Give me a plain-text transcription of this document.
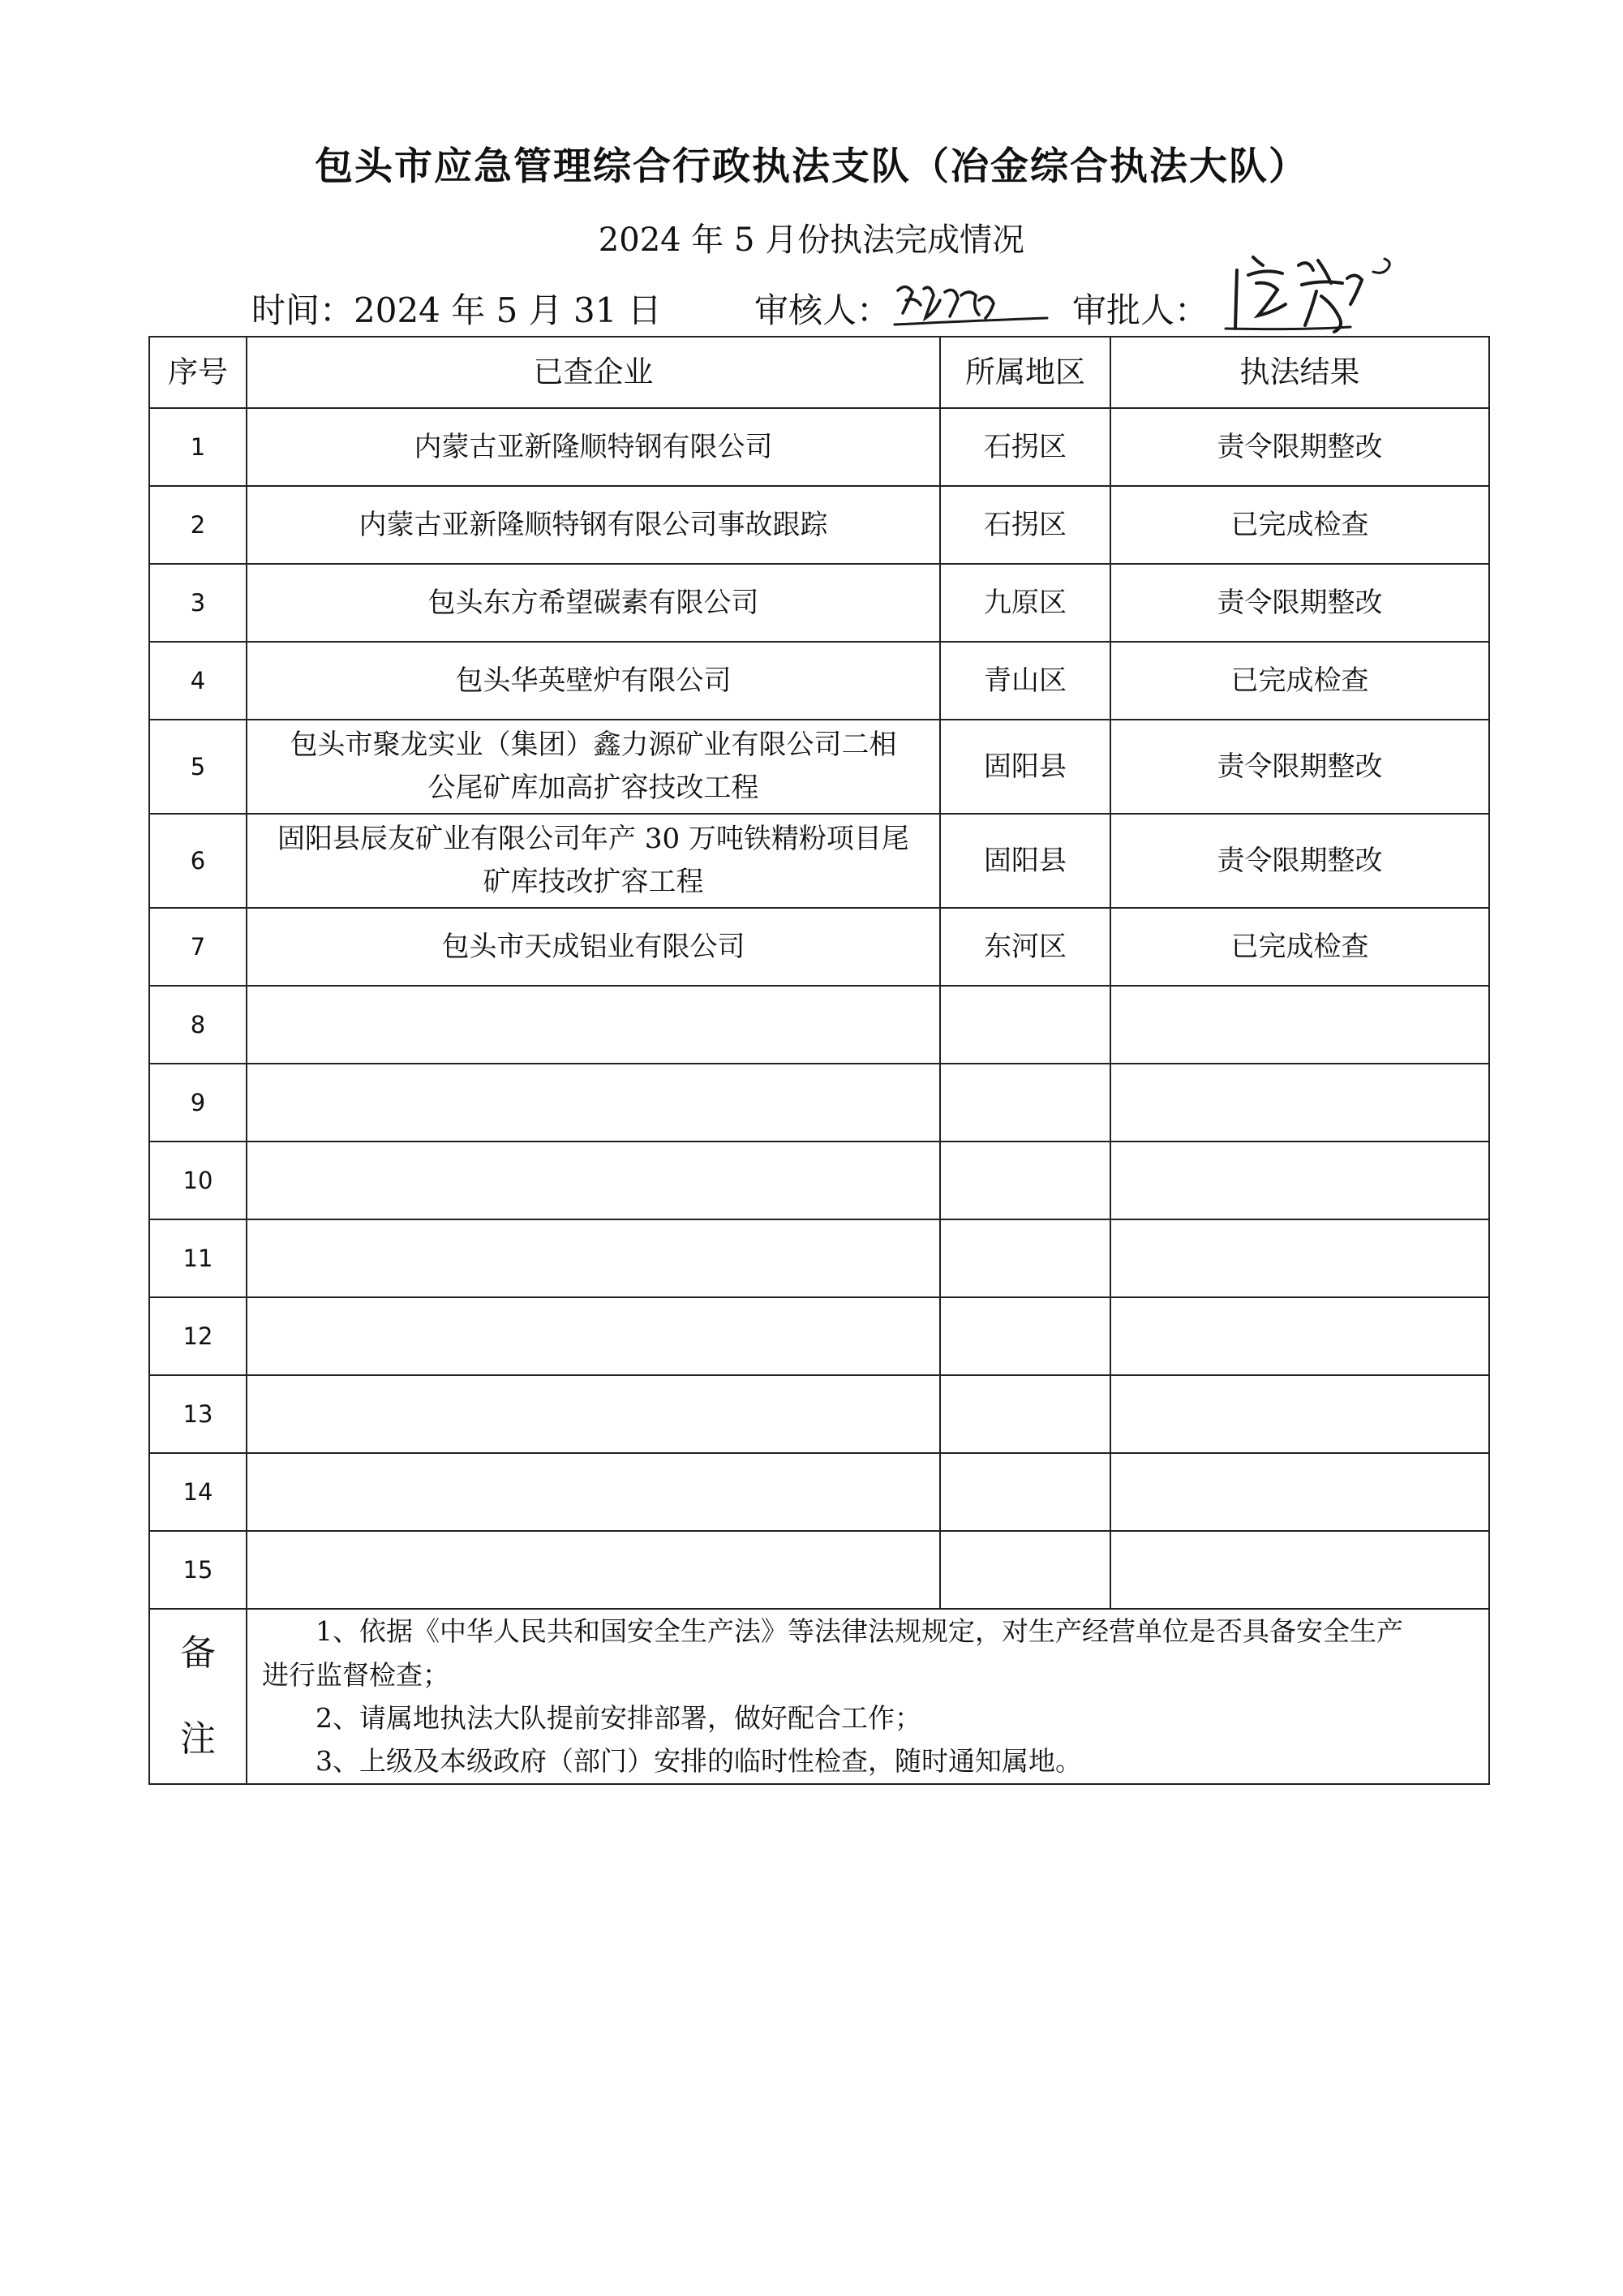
包头市应急管理综合行政执法支队（冶金综合执法大队）
2024 年 5 月份执法完成情况
时间：2024 年 5 月 31 日	审核人：	审批人：
序号	已查企业	所属地区	执法结果
1	内蒙古亚新隆顺特钢有限公司	石拐区	责令限期整改
2	内蒙古亚新隆顺特钢有限公司事故跟踪	石拐区	已完成检查
3	包头东方希望碳素有限公司	九原区	责令限期整改
4	包头华英壁炉有限公司	青山区	已完成检查
5	包头市聚龙实业（集团）鑫力源矿业有限公司二相
公尾矿库加高扩容技改工程	固阳县	责令限期整改
6	固阳县辰友矿业有限公司年产 30 万吨铁精粉项目尾
矿库技改扩容工程	固阳县	责令限期整改
7	包头市天成铝业有限公司	东河区	已完成检查
8			
9			
10			
11			
12			
13			
14			
15			

备
注	1、依据《中华人民共和国安全生产法》等法律法规规定，对生产经营单位是否具备安全生产
进行监督检查；
2、请属地执法大队提前安排部署，做好配合工作；
3、上级及本级政府（部门）安排的临时性检查，随时通知属地。		
